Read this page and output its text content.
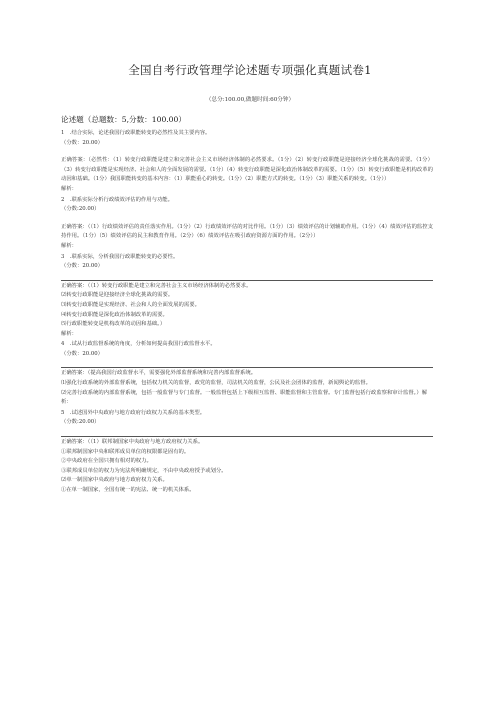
全国自考行政管理学论述题专项强化真题试卷1
（总分:100.00,做题时间:60分钟）
论述题（总题数：5,分数：100.00）

1　.结合实际，论述我国行政职能转变的必然性及其主要内容。

（分数：20.00）

正确答案：（必然性：（1）转变行政职能是建立和完善社会主义市场经济体制的必然要求。（1分）（2）转变行政职能是迎接经济全球化挑战的需要。（1分）（3）转变行政职能是实现经济、社会和人的全面发展的需要。（1分）（4）转变行政职能是深化政治体制改革的需要。（1分）（5）转变行政职能是机构改革的动因和基础。（1分）我国职能转变的基本内容：（1）职能重心的转变。（1分）（2）职能方式的转变。（1分）（3）职能关系的转变。（1分））

解析：

2　.联系实际分析行政绩效评估的作用与功能。

（分数:20.00）

正确答案：（（1）行政绩效评估的责任落实作用。（1分）（2）行政绩效评估的对比作用。（1分）（3）绩效评估的计划辅助作用。（1分）（4）绩效评估的监控支持作用。（1分）（5）绩效评估的民主和教育作用。（2分）（6）绩效评估在吸引政府资源方面的作用。（2分））

解析：

3　.联系实际，分析我国行政职能转变的必要性。

（分数：20.00）

正确答案：（（1）转变行政职能是建立和完善社会主义市场经济体制的必然要求。

⑵转变行政职能是迎接经济全球化挑战的需要。

⑶转变行政职能是实现经济、社会和人的全面发展的需要。

⑷转变行政职能是深化政治体制改革的需要。

⑸行政职能转变是机构改革的动因和基础。）

解析：

4　.试从行政监督系统的角度，分析如何提高我国行政监督水平。

（分数：20.00）

正确答案：（提高我国行政监督水平，需要强化外部监督系统和完善内部监督系统。

⑴强化行政系统的外部监督系统，包括权力机关的监督，政党的监督，司法机关的监督，公民及社会团体的监督，新闻舆论的监督。

⑵完善行政系统的内部监督系统，包括一般监督与专门监督。一般监督包括上下级相互监督、职能监督和主管监督。专门监督包括行政监察和审计监督。）解析：

5　.试述国外中央政府与地方政府行政权力关系的基本类型。

（分数:20.00）

正确答案：（（1）联邦制国家中央政府与地方政府权力关系。

①联邦制国家中央和联邦成员单位的权限都是固有的。

②中央政府在全国只拥有相对的权力。

③联邦成员单位的权力为宪法所明确规定，不由中央政府授予或划分。

⑵单一制国家中央政府与地方政府权力关系。

①在单一制国家，全国有统一的宪法、统一的机关体系。
